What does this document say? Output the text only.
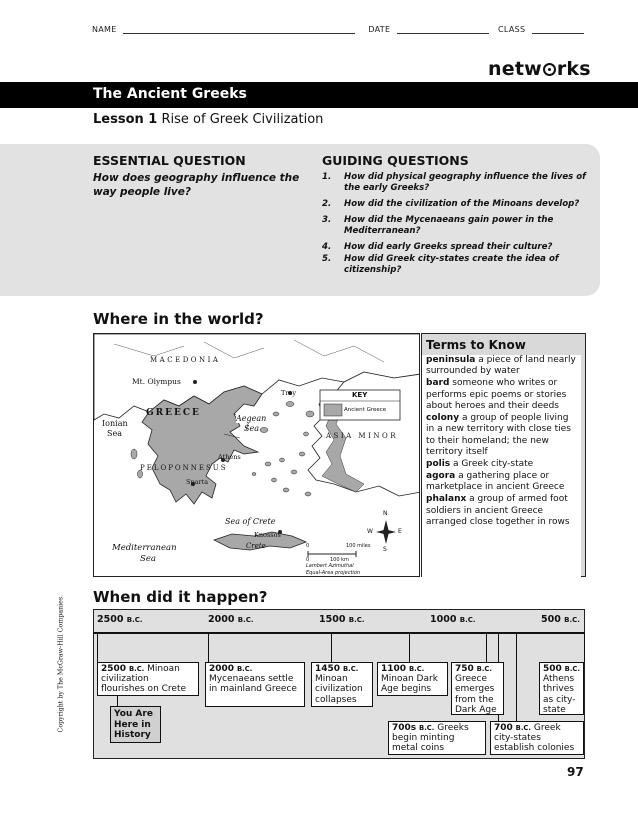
NAME	DATE	CLASS
netw rks
The Ancient Greeks
Lesson 1 Rise of Greek Civilization
ESSENTIAL QUESTION
How does geography influence the way people live?
GUIDING QUESTIONS
1.	How did physical geography influence the lives of the early Greeks?
2.	How did the civilization of the Minoans develop?
3.	How did the Mycenaeans gain power in the Mediterranean?
4.	How did early Greeks spread their culture?
5.	How did Greek city-states create the idea of citizenship?
Where in the world?
MACEDONIA
Mt. Olympus
GREECE
Ionian
Sea
Aegean
Sea
Troy
ASIA MINOR
Athens
PELOPONNESUS
Sparta
Sea of Crete
Knossos
Crete
Mediterranean
Sea
KEY
Ancient Greece
0	100 miles
0	100 km
Lambert Azimuthal
Equal-Area projection
N
S
W	E
Terms to Know

peninsula a piece of land nearly surrounded by water

bard someone who writes or performs epic poems or stories about heroes and their deeds

colony a group of people living in a new territory with close ties to their homeland; the new territory itself

polis a Greek city-state

agora a gathering place or marketplace in ancient Greece

phalanx a group of armed foot soldiers in ancient Greece arranged close together in rows

Copyright by The McGraw-Hill Companies. When did it happen?
2500 B.C.	2000 B.C.	1500 B.C.	1000 B.C.	500 B.C.
2500 B.C. Minoan civilization flourishes on Crete
2000 B.C. Mycenaeans settle in mainland Greece
1450 B.C. Minoan civilization collapses
1100 B.C. Minoan Dark Age begins
750 B.C. Greece emerges from the Dark Age
500 B.C. Athens thrives as city-state
700s B.C. Greeks begin minting metal coins
700 B.C. Greek city-states establish colonies
You Are Here in History
97
